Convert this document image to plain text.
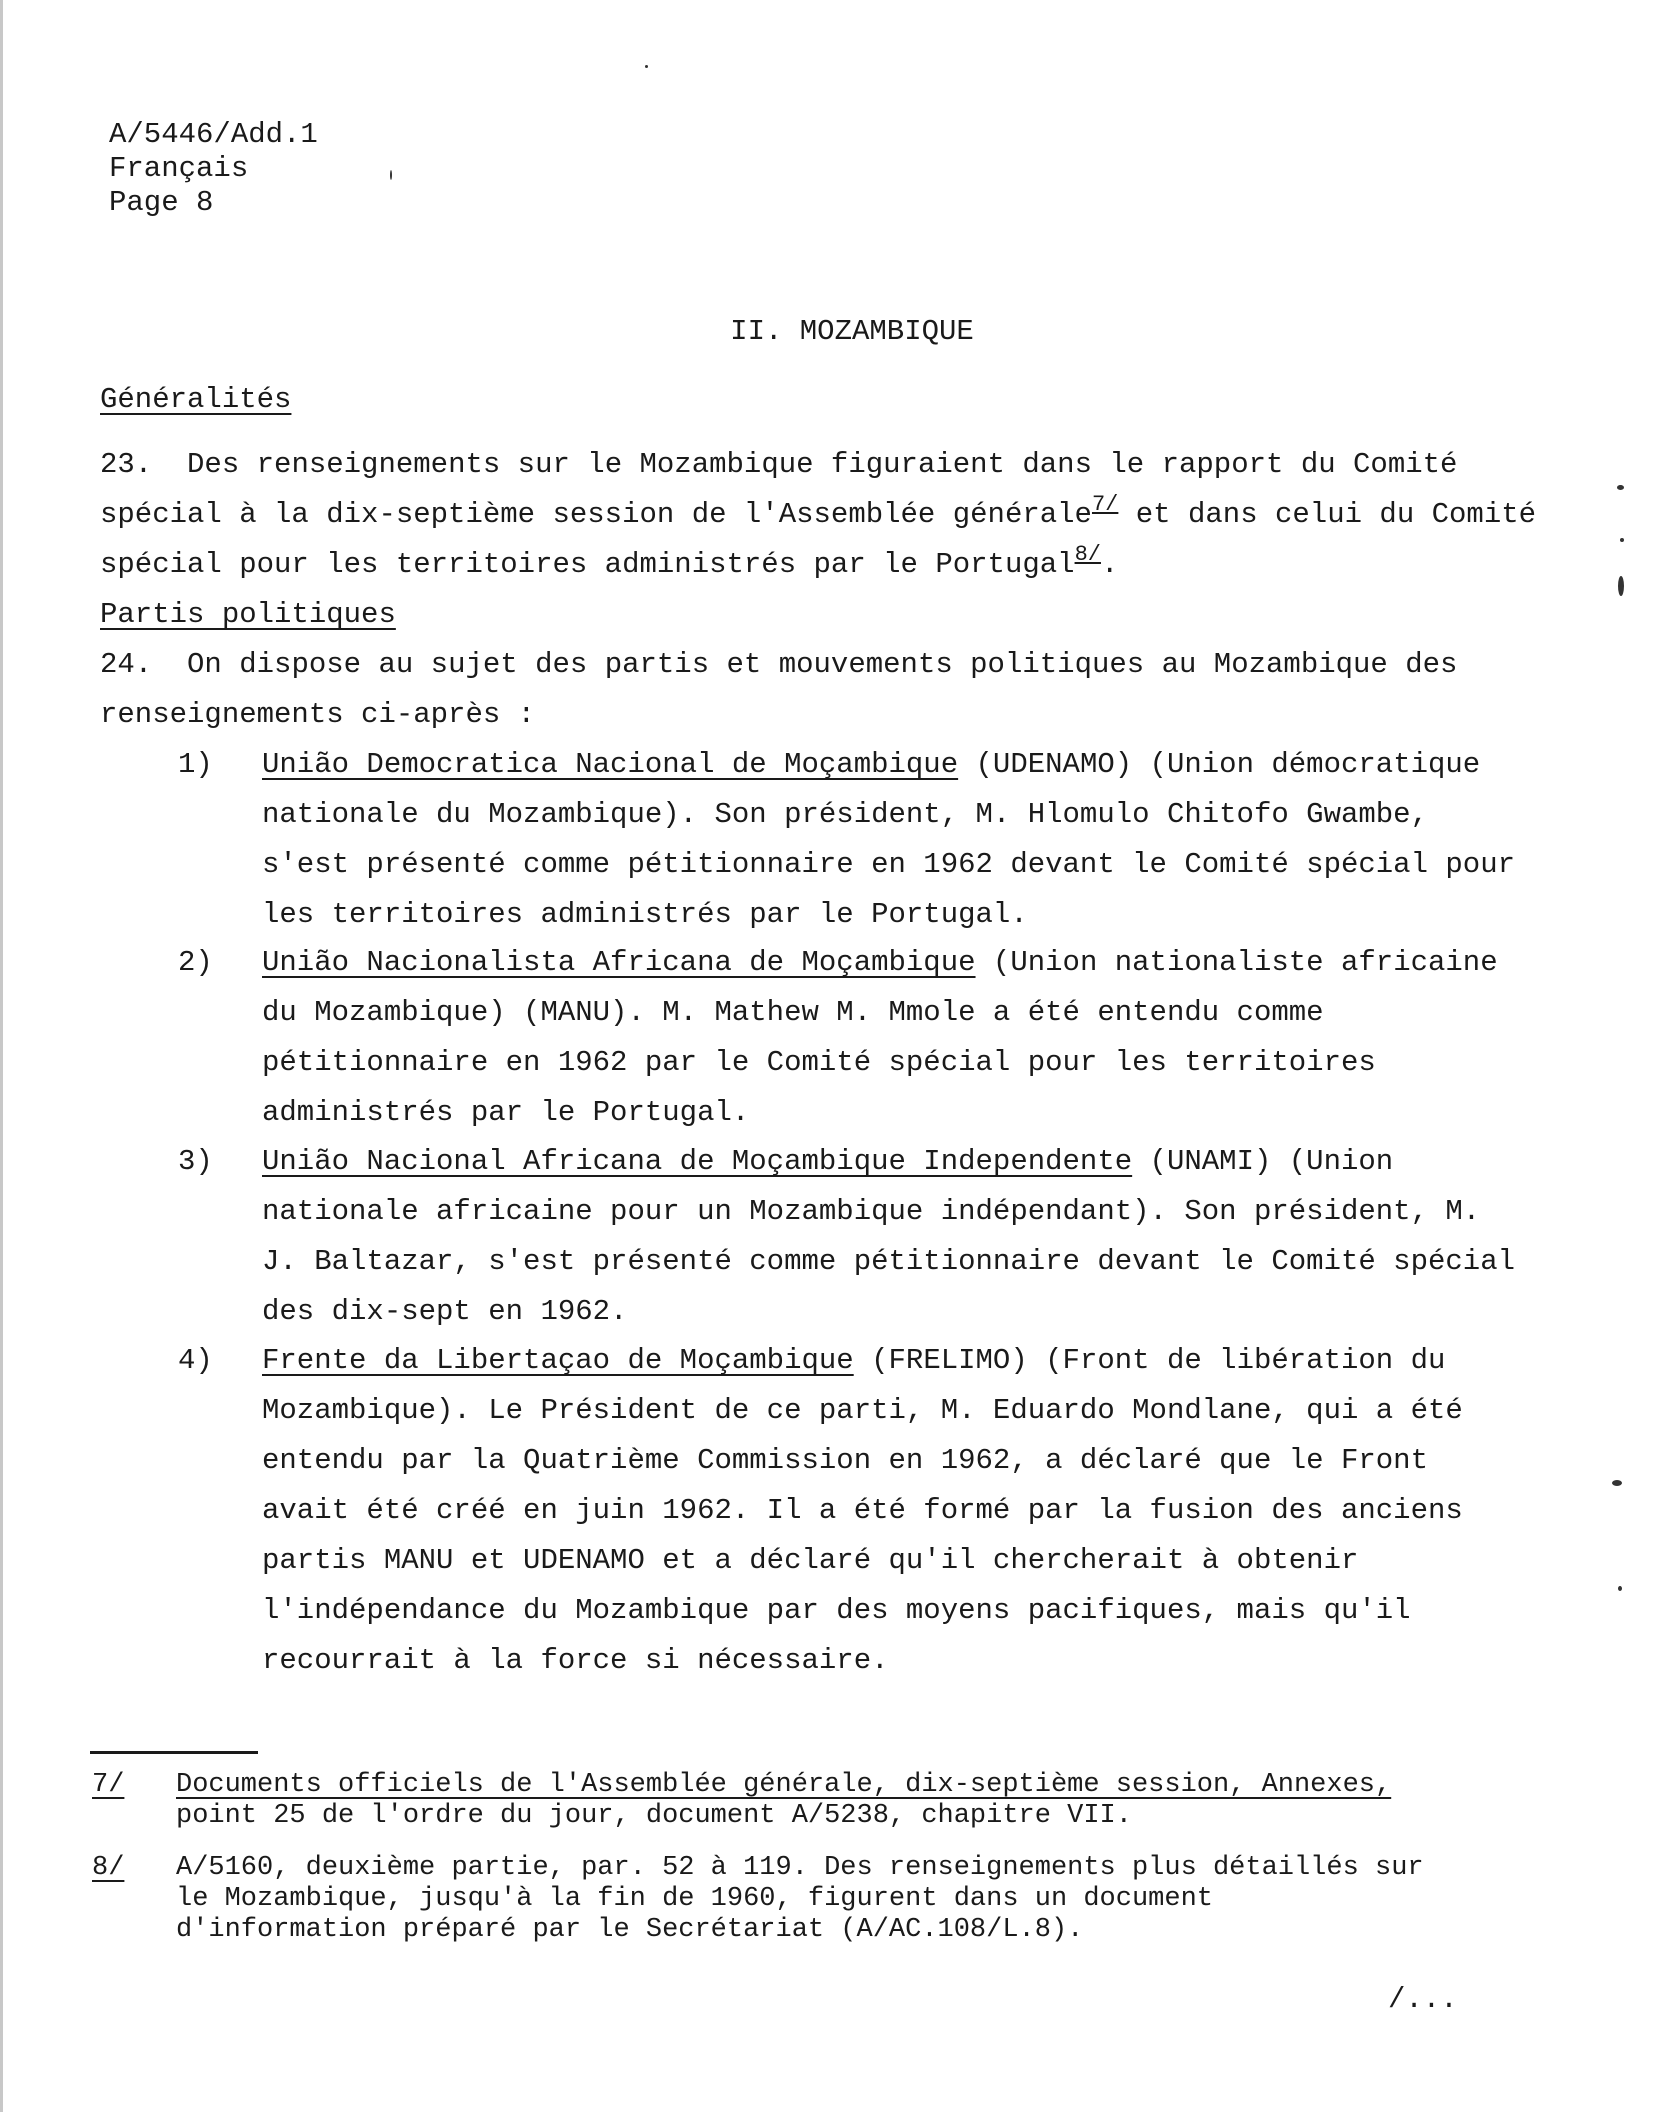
A/5446/Add.1
Français
Page 8
II. MOZAMBIQUE
Généralités
23. Des renseignements sur le Mozambique figuraient dans le rapport du Comité spécial à la dix-septième session de l'Assemblée générale$^{7/}$ et dans celui du Comité spécial pour les territoires administrés par le Portugal$^{8/}$.
Partis politiques
24. On dispose au sujet des partis et mouvements politiques au Mozambique des renseignements ci-après :
1)	União Democratica Nacional de Moçambique (UDENAMO) (Union démocratique nationale du Mozambique). Son président, M. Hlomulo Chitofo Gwambe, s'est présenté comme pétitionnaire en 1962 devant le Comité spécial pour les territoires administrés par le Portugal.
2)	União Nacionalista Africana de Moçambique (Union nationaliste africaine du Mozambique) (MANU). M. Mathew M. Mmole a été entendu comme pétitionnaire en 1962 par le Comité spécial pour les territoires administrés par le Portugal.
3)	União Nacional Africana de Moçambique Independente (UNAMI) (Union nationale africaine pour un Mozambique indépendant). Son président, M. J. Baltazar, s'est présenté comme pétitionnaire devant le Comité spécial des dix-sept en 1962.
4)	Frente da Libertaçao de Moçambique (FRELIMO) (Front de libération du Mozambique). Le Président de ce parti, M. Eduardo Mondlane, qui a été entendu par la Quatrième Commission en 1962, a déclaré que le Front avait été créé en juin 1962. Il a été formé par la fusion des anciens partis MANU et UDENAMO et a déclaré qu'il chercherait à obtenir l'indépendance du Mozambique par des moyens pacifiques, mais qu'il recourrait à la force si nécessaire.
7/ Documents officiels de l'Assemblée générale, dix-septième session, Annexes, point 25 de l'ordre du jour, document A/5238, chapitre VII.
8/ A/5160, deuxième partie, par. 52 à 119. Des renseignements plus détaillés sur le Mozambique, jusqu'à la fin de 1960, figurent dans un document d'information préparé par le Secrétariat (A/AC.108/L.8).
/...
